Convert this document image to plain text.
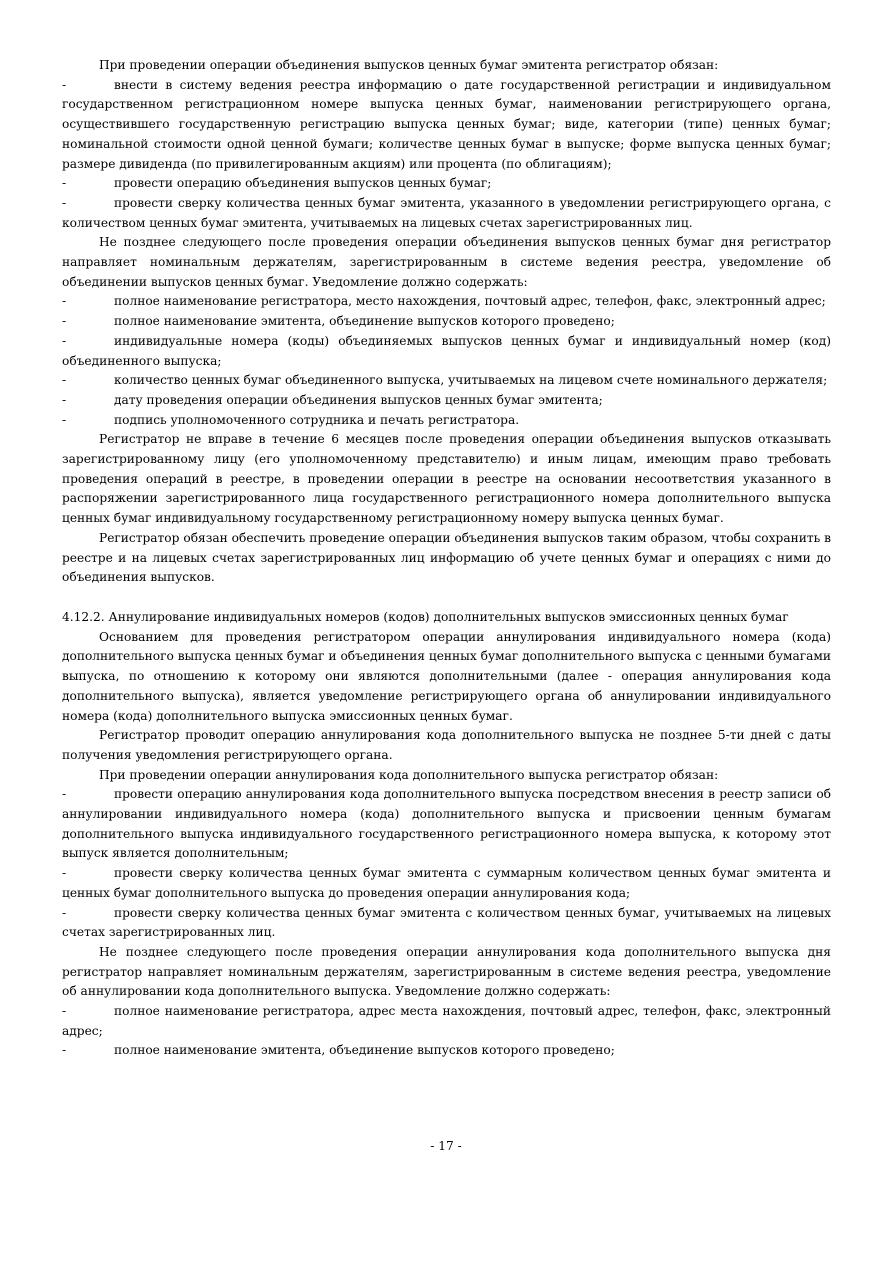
При проведении операции объединения выпусков ценных бумаг эмитента регистратор обязан:

-	внести в систему ведения реестра информацию о дате государственной регистрации и индивидуальном государственном регистрационном номере выпуска ценных бумаг, наименовании регистрирующего органа, осуществившего государственную регистрацию выпуска ценных бумаг; виде, категории (типе) ценных бумаг; номинальной стоимости одной ценной бумаги; количестве ценных бумаг в выпуске; форме выпуска ценных бумаг; размере дивиденда (по привилегированным акциям) или процента (по облигациям);

-	провести операцию объединения выпусков ценных бумаг;

-	провести сверку количества ценных бумаг эмитента, указанного в уведомлении регистрирующего органа, с количеством ценных бумаг эмитента, учитываемых на лицевых счетах зарегистрированных лиц.

Не позднее следующего после проведения операции объединения выпусков ценных бумаг дня регистратор направляет номинальным держателям, зарегистрированным в системе ведения реестра, уведомление об объединении выпусков ценных бумаг. Уведомление должно содержать:

-	полное наименование регистратора, место нахождения, почтовый адрес, телефон, факс, электронный адрес;

-	полное наименование эмитента, объединение выпусков которого проведено;

-	индивидуальные номера (коды) объединяемых выпусков ценных бумаг и индивидуальный номер (код) объединенного выпуска;

-	количество ценных бумаг объединенного выпуска, учитываемых на лицевом счете номинального держателя;

-	дату проведения операции объединения выпусков ценных бумаг эмитента;

-	подпись уполномоченного сотрудника и печать регистратора.

Регистратор не вправе в течение 6 месяцев после проведения операции объединения выпусков отказывать зарегистрированному лицу (его уполномоченному представителю) и иным лицам, имеющим право требовать проведения операций в реестре, в проведении операции в реестре на основании несоответствия указанного в распоряжении зарегистрированного лица государственного регистрационного номера дополнительного выпуска ценных бумаг индивидуальному государственному регистрационному номеру выпуска ценных бумаг.

Регистратор обязан обеспечить проведение операции объединения выпусков таким образом, чтобы сохранить в реестре и на лицевых счетах зарегистрированных лиц информацию об учете ценных бумаг и операциях с ними до объединения выпусков.

4.12.2. Аннулирование индивидуальных номеров (кодов) дополнительных выпусков эмиссионных ценных бумаг

Основанием для проведения регистратором операции аннулирования индивидуального номера (кода) дополнительного выпуска ценных бумаг и объединения ценных бумаг дополнительного выпуска с ценными бумагами выпуска, по отношению к которому они являются дополнительными (далее - операция аннулирования кода дополнительного выпуска), является уведомление регистрирующего органа об аннулировании индивидуального номера (кода) дополнительного выпуска эмиссионных ценных бумаг.

Регистратор проводит операцию аннулирования кода дополнительного выпуска не позднее 5-ти дней с даты получения уведомления регистрирующего органа.

При проведении операции аннулирования кода дополнительного выпуска регистратор обязан:

-	провести операцию аннулирования кода дополнительного выпуска посредством внесения в реестр записи об аннулировании индивидуального номера (кода) дополнительного выпуска и присвоении ценным бумагам дополнительного выпуска индивидуального государственного регистрационного номера выпуска, к которому этот выпуск является дополнительным;

-	провести сверку количества ценных бумаг эмитента с суммарным количеством ценных бумаг эмитента и ценных бумаг дополнительного выпуска до проведения операции аннулирования кода;

-	провести сверку количества ценных бумаг эмитента с количеством ценных бумаг, учитываемых на лицевых счетах зарегистрированных лиц.

Не позднее следующего после проведения операции аннулирования кода дополнительного выпуска дня регистратор направляет номинальным держателям, зарегистрированным в системе ведения реестра, уведомление об аннулировании кода дополнительного выпуска. Уведомление должно содержать:

-	полное наименование регистратора, адрес места нахождения, почтовый адрес, телефон, факс, электронный адрес;

-	полное наименование эмитента, объединение выпусков которого проведено;

- 17 -
